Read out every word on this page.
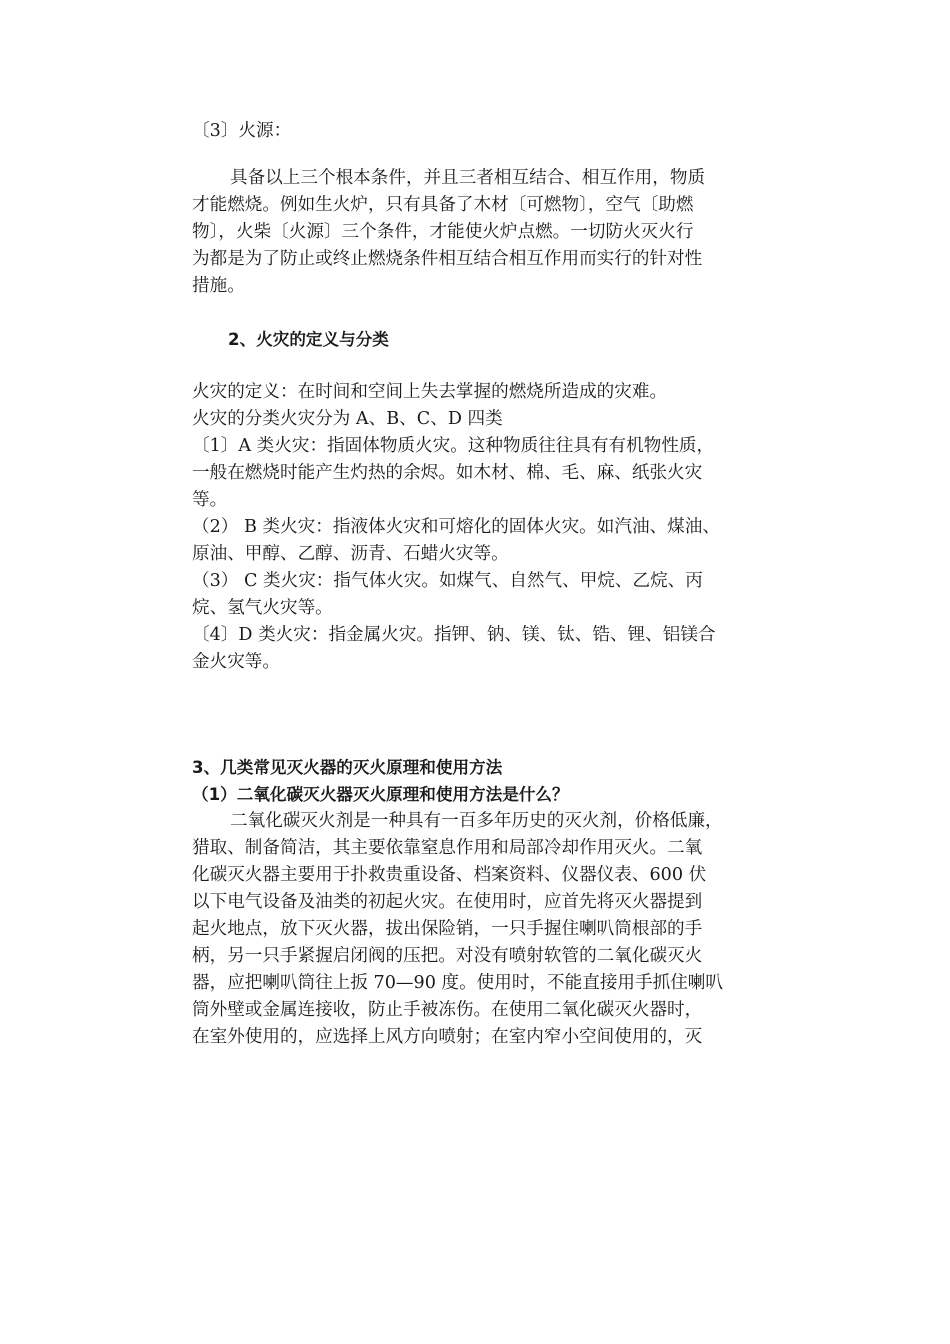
〔3〕火源：

具备以上三个根本条件，并且三者相互结合、相互作用，物质

才能燃烧。例如生火炉，只有具备了木材〔可燃物〕，空气〔助燃

物〕，火柴〔火源〕三个条件，才能使火炉点燃。一切防火灭火行

为都是为了防止或终止燃烧条件相互结合相互作用而实行的针对性

措施。

2、火灾的定义与分类

火灾的定义：在时间和空间上失去掌握的燃烧所造成的灾难。

火灾的分类火灾分为 A、B、C、D 四类

〔1〕A 类火灾：指固体物质火灾。这种物质往往具有有机物性质，

一般在燃烧时能产生灼热的余烬。如木材、棉、毛、麻、纸张火灾

等。

（2） B 类火灾：指液体火灾和可熔化的固体火灾。如汽油、煤油、

原油、甲醇、乙醇、沥青、石蜡火灾等。

（3） C 类火灾：指气体火灾。如煤气、自然气、甲烷、乙烷、丙

烷、氢气火灾等。

〔4〕D 类火灾：指金属火灾。指钾、钠、镁、钛、锆、锂、铝镁合

金火灾等。

3、几类常见灭火器的灭火原理和使用方法

（1）二氧化碳灭火器灭火原理和使用方法是什么？

二氧化碳灭火剂是一种具有一百多年历史的灭火剂，价格低廉，

猎取、制备简洁，其主要依靠窒息作用和局部冷却作用灭火。二氧

化碳灭火器主要用于扑救贵重设备、档案资料、仪器仪表、600 伏

以下电气设备及油类的初起火灾。在使用时，应首先将灭火器提到

起火地点，放下灭火器，拔出保险销，一只手握住喇叭筒根部的手

柄，另一只手紧握启闭阀的压把。对没有喷射软管的二氧化碳灭火

器，应把喇叭筒往上扳 70—90 度。使用时，不能直接用手抓住喇叭

筒外壁或金属连接收，防止手被冻伤。在使用二氧化碳灭火器时，

在室外使用的，应选择上风方向喷射；在室内窄小空间使用的，灭
